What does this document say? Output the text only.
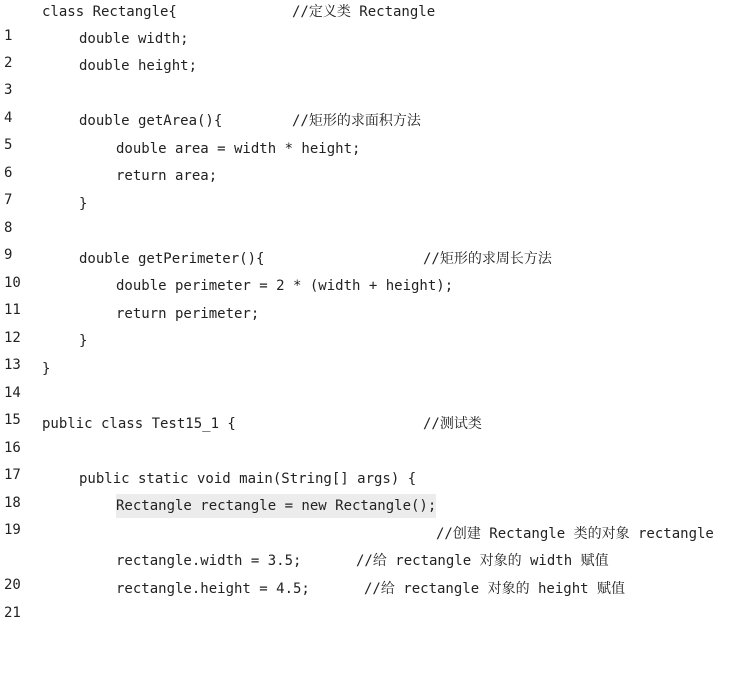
1

class Rectangle{

	//定义类 Rectangle

2

double width;

3

double height;

4

5

double getArea(){

	//矩形的求面积方法

6

double area = width * height;

7

return area;

8

}

9

10

double getPerimeter(){

	//矩形的求周长方法

11

double perimeter = 2 * (width + height);

12

return perimeter;

13

}

14

}

15

16

public class Test15_1 {

	//测试类

17

18

public static void main(String[] args) {

19

Rectangle rectangle = new Rectangle();

//创建 Rectangle 类的对象 rectangle

20

rectangle.width = 3.5;

	//给 rectangle 对象的 width 赋值

21

rectangle.height = 4.5;

	//给 rectangle 对象的 height 赋值
